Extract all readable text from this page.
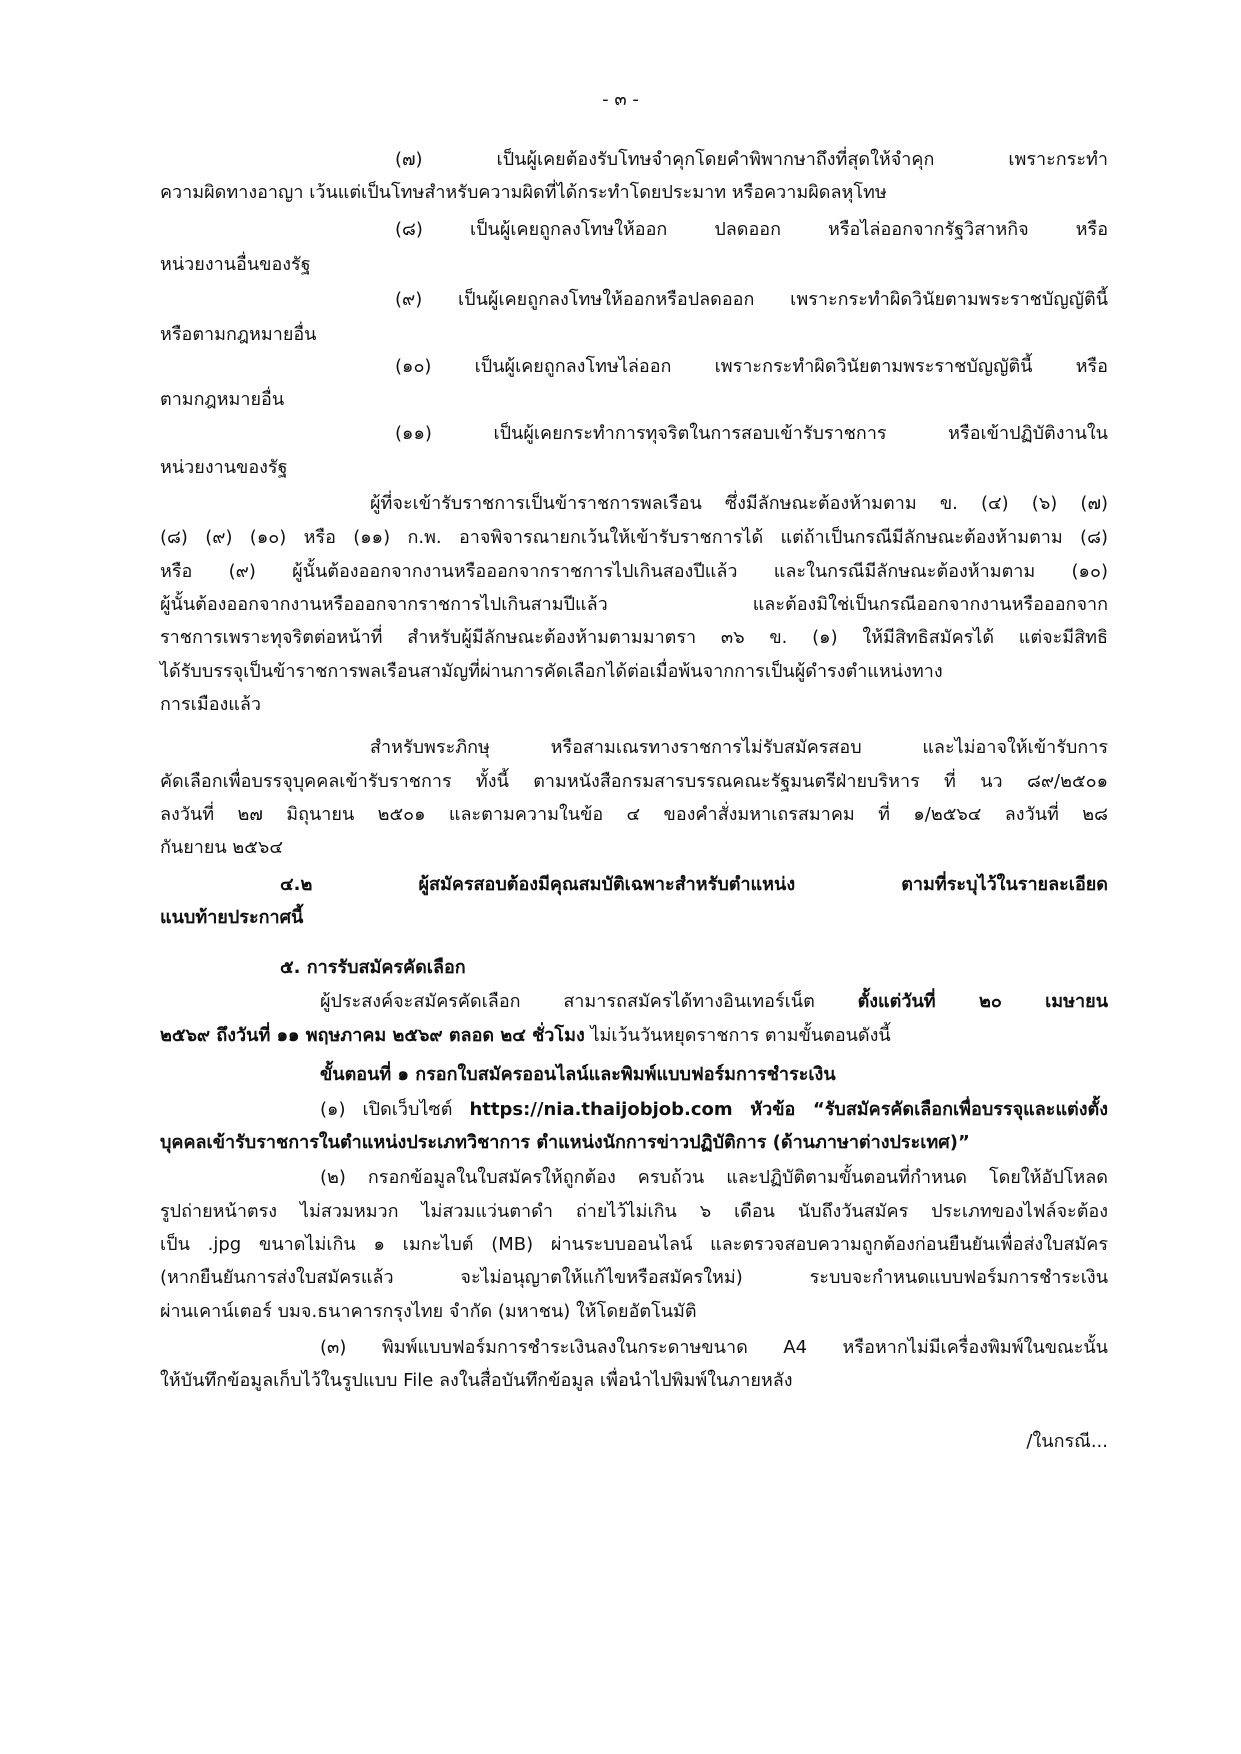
- ๓ -
(๗) เป็นผู้เคยต้องรับโทษจำคุกโดยคำพิพากษาถึงที่สุดให้จำคุก เพราะกระทำ
ความผิดทางอาญา เว้นแต่เป็นโทษสำหรับความผิดที่ได้กระทำโดยประมาท หรือความผิดลหุโทษ
(๘) เป็นผู้เคยถูกลงโทษให้ออก ปลดออก หรือไล่ออกจากรัฐวิสาหกิจ หรือ
หน่วยงานอื่นของรัฐ
(๙) เป็นผู้เคยถูกลงโทษให้ออกหรือปลดออก เพราะกระทำผิดวินัยตามพระราชบัญญัตินี้
หรือตามกฎหมายอื่น
(๑๐) เป็นผู้เคยถูกลงโทษไล่ออก เพราะกระทำผิดวินัยตามพระราชบัญญัตินี้ หรือ
ตามกฎหมายอื่น
(๑๑) เป็นผู้เคยกระทำการทุจริตในการสอบเข้ารับราชการ หรือเข้าปฏิบัติงานใน
หน่วยงานของรัฐ
ผู้ที่จะเข้ารับราชการเป็นข้าราชการพลเรือน ซึ่งมีลักษณะต้องห้ามตาม ข. (๔) (๖) (๗)
(๘) (๙) (๑๐) หรือ (๑๑) ก.พ. อาจพิจารณายกเว้นให้เข้ารับราชการได้ แต่ถ้าเป็นกรณีมีลักษณะต้องห้ามตาม (๘)
หรือ (๙) ผู้นั้นต้องออกจากงานหรือออกจากราชการไปเกินสองปีแล้ว และในกรณีมีลักษณะต้องห้ามตาม (๑๐)
ผู้นั้นต้องออกจากงานหรือออกจากราชการไปเกินสามปีแล้ว และต้องมิใช่เป็นกรณีออกจากงานหรือออกจาก
ราชการเพราะทุจริตต่อหน้าที่ สำหรับผู้มีลักษณะต้องห้ามตามมาตรา ๓๖ ข. (๑) ให้มีสิทธิสมัครได้ แต่จะมีสิทธิ
ได้รับบรรจุเป็นข้าราชการพลเรือนสามัญที่ผ่านการคัดเลือกได้ต่อเมื่อพ้นจากการเป็นผู้ดำรงตำแหน่งทาง
การเมืองแล้ว
สำหรับพระภิกษุ หรือสามเณรทางราชการไม่รับสมัครสอบ และไม่อาจให้เข้ารับการ
คัดเลือกเพื่อบรรจุบุคคลเข้ารับราชการ ทั้งนี้ ตามหนังสือกรมสารบรรณคณะรัฐมนตรีฝ่ายบริหาร ที่ นว ๘๙/๒๕๐๑
ลงวันที่ ๒๗ มิถุนายน ๒๕๐๑ และตามความในข้อ ๔ ของคำสั่งมหาเถรสมาคม ที่ ๑/๒๕๖๔ ลงวันที่ ๒๘
กันยายน ๒๕๖๔
๔.๒ ผู้สมัครสอบต้องมีคุณสมบัติเฉพาะสำหรับตำแหน่ง ตามที่ระบุไว้ในรายละเอียด
แนบท้ายประกาศนี้
๕. การรับสมัครคัดเลือก
ผู้ประสงค์จะสมัครคัดเลือก สามารถสมัครได้ทางอินเทอร์เน็ต ตั้งแต่วันที่ ๒๐ เมษายน
๒๕๖๙ ถึงวันที่ ๑๑ พฤษภาคม ๒๕๖๙ ตลอด ๒๔ ชั่วโมง ไม่เว้นวันหยุดราชการ ตามขั้นตอนดังนี้
ขั้นตอนที่ ๑ กรอกใบสมัครออนไลน์และพิมพ์แบบฟอร์มการชำระเงิน
(๑) เปิดเว็บไซต์ https://nia.thaijobjob.com หัวข้อ “รับสมัครคัดเลือกเพื่อบรรจุและแต่งตั้ง
บุคคลเข้ารับราชการในตำแหน่งประเภทวิชาการ ตำแหน่งนักการข่าวปฏิบัติการ (ด้านภาษาต่างประเทศ)”
(๒) กรอกข้อมูลในใบสมัครให้ถูกต้อง ครบถ้วน และปฏิบัติตามขั้นตอนที่กำหนด โดยให้อัปโหลด
รูปถ่ายหน้าตรง ไม่สวมหมวก ไม่สวมแว่นตาดำ ถ่ายไว้ไม่เกิน ๖ เดือน นับถึงวันสมัคร ประเภทของไฟล์จะต้อง
เป็น .jpg ขนาดไม่เกิน ๑ เมกะไบต์ (MB) ผ่านระบบออนไลน์ และตรวจสอบความถูกต้องก่อนยืนยันเพื่อส่งใบสมัคร
(หากยืนยันการส่งใบสมัครแล้ว จะไม่อนุญาตให้แก้ไขหรือสมัครใหม่) ระบบจะกำหนดแบบฟอร์มการชำระเงิน
ผ่านเคาน์เตอร์ บมจ.ธนาคารกรุงไทย จำกัด (มหาชน) ให้โดยอัตโนมัติ
(๓) พิมพ์แบบฟอร์มการชำระเงินลงในกระดาษขนาด A4 หรือหากไม่มีเครื่องพิมพ์ในขณะนั้น
ให้บันทึกข้อมูลเก็บไว้ในรูปแบบ File ลงในสื่อบันทึกข้อมูล เพื่อนำไปพิมพ์ในภายหลัง
/ในกรณี...
